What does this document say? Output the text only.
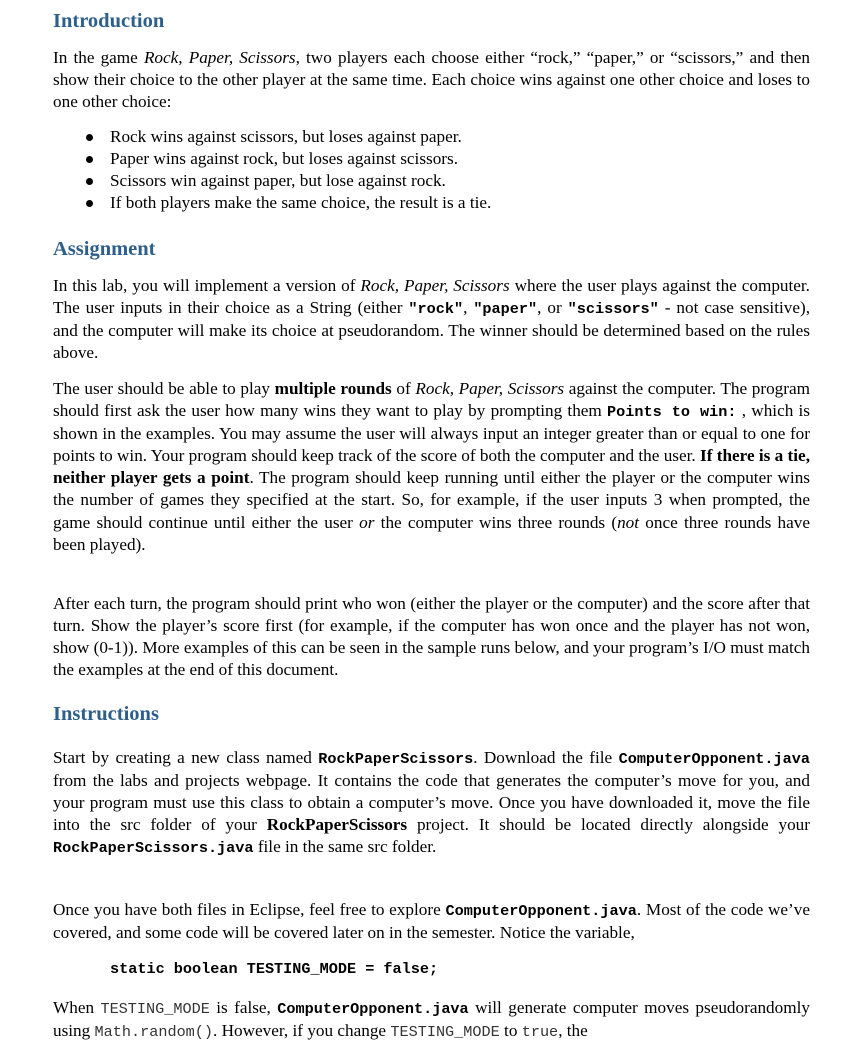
Introduction

In the game Rock, Paper, Scissors, two players each choose either “rock,” “paper,” or “scissors,” and then show their choice to the other player at the same time. Each choice wins against one other choice and loses to one other choice:

Rock wins against scissors, but loses against paper.
Paper wins against rock, but loses against scissors.
Scissors win against paper, but lose against rock.
If both players make the same choice, the result is a tie.
Assignment

In this lab, you will implement a version of Rock, Paper, Scissors where the user plays against the computer. The user inputs in their choice as a String (either "rock", "paper", or "scissors" - not case sensitive), and the computer will make its choice at pseudorandom. The winner should be determined based on the rules above.

The user should be able to play multiple rounds of Rock, Paper, Scissors against the computer. The program should first ask the user how many wins they want to play by prompting them Points to win: , which is shown in the examples. You may assume the user will always input an integer greater than or equal to one for points to win. Your program should keep track of the score of both the computer and the user. If there is a tie, neither player gets a point. The program should keep running until either the player or the computer wins the number of games they specified at the start. So, for example, if the user inputs 3 when prompted, the game should continue until either the user or the computer wins three rounds (not once three rounds have been played).

After each turn, the program should print who won (either the player or the computer) and the score after that turn. Show the player’s score first (for example, if the computer has won once and the player has not won, show (0-1)). More examples of this can be seen in the sample runs below, and your program’s I/O must match the examples at the end of this document.

Instructions

Start by creating a new class named RockPaperScissors. Download the file ComputerOpponent.java from the labs and projects webpage. It contains the code that generates the computer’s move for you, and your program must use this class to obtain a computer’s move. Once you have downloaded it, move the file into the src folder of your RockPaperScissors project. It should be located directly alongside your RockPaperScissors.java file in the same src folder.

Once you have both files in Eclipse, feel free to explore ComputerOpponent.java. Most of the code we’ve covered, and some code will be covered later on in the semester. Notice the variable,

static boolean TESTING_MODE = false;

When TESTING_MODE is false, ComputerOpponent.java will generate computer moves pseudorandomly using Math.random(). However, if you change TESTING_MODE to true, the
